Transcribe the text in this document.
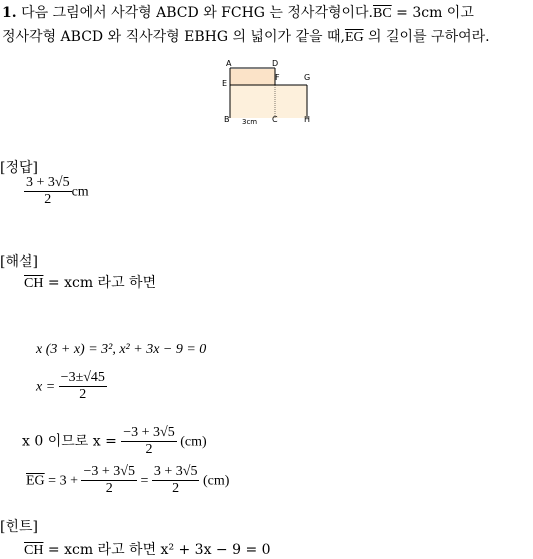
1. 다음 그림에서 사각형 ABCD 와 FCHG 는 정사각형이다$.\overline{BC} = 3cm$ 이고
정사각형 ABCD 와 직사각형 EBHG 의 넓이가 같을 때$,\overline{EG}$ 의 길이를 구하여라.
A	D
E
F	G
B 3cm C	H
[정답]
$\frac{3 + 3√5}{2}$ cm
[해설]
$\overline{CH}$ = xcm 라고 하면
x (3 + x) = 3², x² + 3x − 9 = 0
$x = \frac{-3\pm√45}{2}$
x 0 이므로 $x = \frac{-3 + 3√5}{2} (cm)$
$\overline{EG} = 3 + \frac{-3 + 3√5}{2} = \frac{3 + 3√5}{2} (cm)$
[힌트]
$\overline{CH}$ = xcm 라고 하면 x² + 3x − 9 = 0
